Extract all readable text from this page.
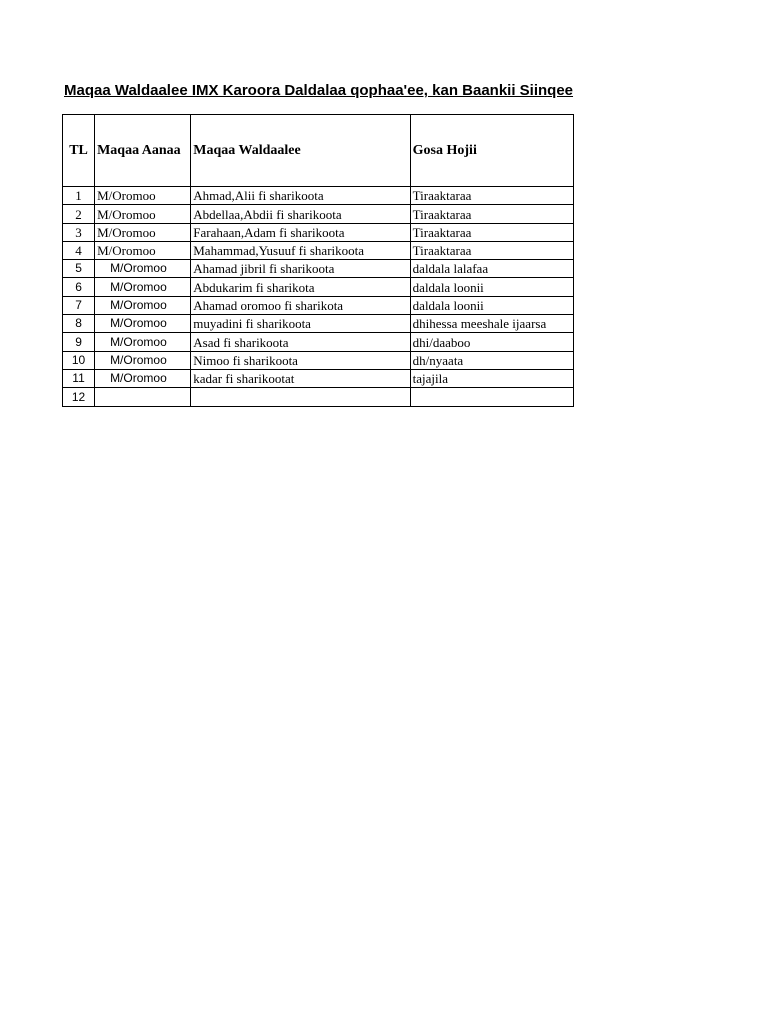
Maqaa Waldaalee IMX Karoora Daldalaa qophaa'ee, kan Baankii Siinqee
TL	Maqaa Aanaa	Maqaa Waldaalee	Gosa Hojii
1	M/Oromoo	Ahmad,Alii fi sharikoota	Tiraaktaraa
2	M/Oromoo	Abdellaa,Abdii fi sharikoota	Tiraaktaraa
3	M/Oromoo	Farahaan,Adam fi sharikoota	Tiraaktaraa
4	M/Oromoo	Mahammad,Yusuuf fi sharikoota	Tiraaktaraa
5	M/Oromoo	Ahamad jibril fi sharikoota	daldala lalafaa
6	M/Oromoo	Abdukarim fi sharikota	daldala loonii
7	M/Oromoo	Ahamad oromoo fi sharikota	daldala loonii
8	M/Oromoo	muyadini fi sharikoota	dhihessa meeshale ijaarsa
9	M/Oromoo	Asad fi sharikoota	dhi/daaboo
10	M/Oromoo	Nimoo fi sharikoota	dh/nyaata
11	M/Oromoo	kadar fi sharikootat	tajajila
12			
